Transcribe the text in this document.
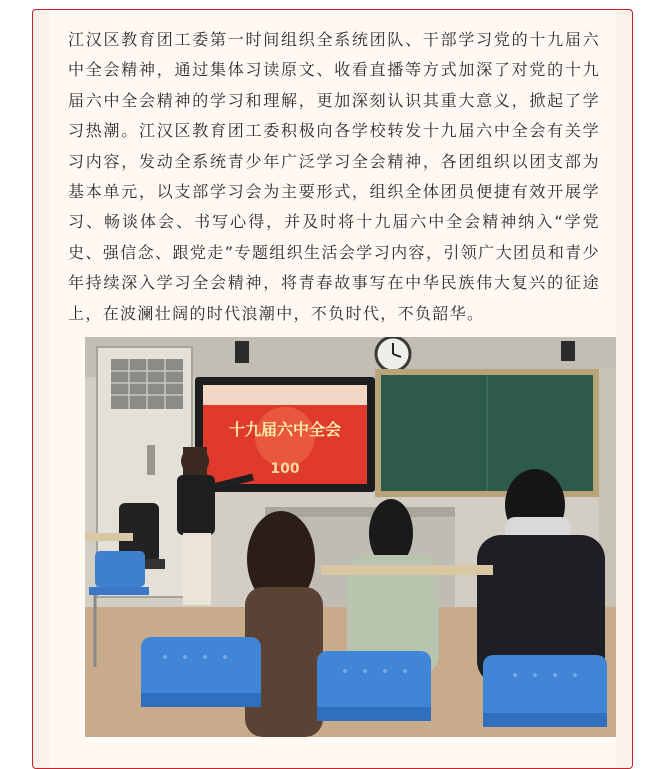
江汉区教育团工委第一时间组织全系统团队、干部学习党的十九届六中全会精神，通过集体习读原文、收看直播等方式加深了对党的十九届六中全会精神的学习和理解，更加深刻认识其重大意义，掀起了学习热潮。江汉区教育团工委积极向各学校转发十九届六中全会有关学习内容，发动全系统青少年广泛学习全会精神，各团组织以团支部为基本单元，以支部学习会为主要形式，组织全体团员便捷有效开展学习、畅谈体会、书写心得，并及时将十九届六中全会精神纳入“学党史、强信念、跟党走”专题组织生活会学习内容，引领广大团员和青少年持续深入学习全会精神，将青春故事写在中华民族伟大复兴的征途上，在波澜壮阔的时代浪潮中，不负时代，不负韶华。

十九届六中全会
100
